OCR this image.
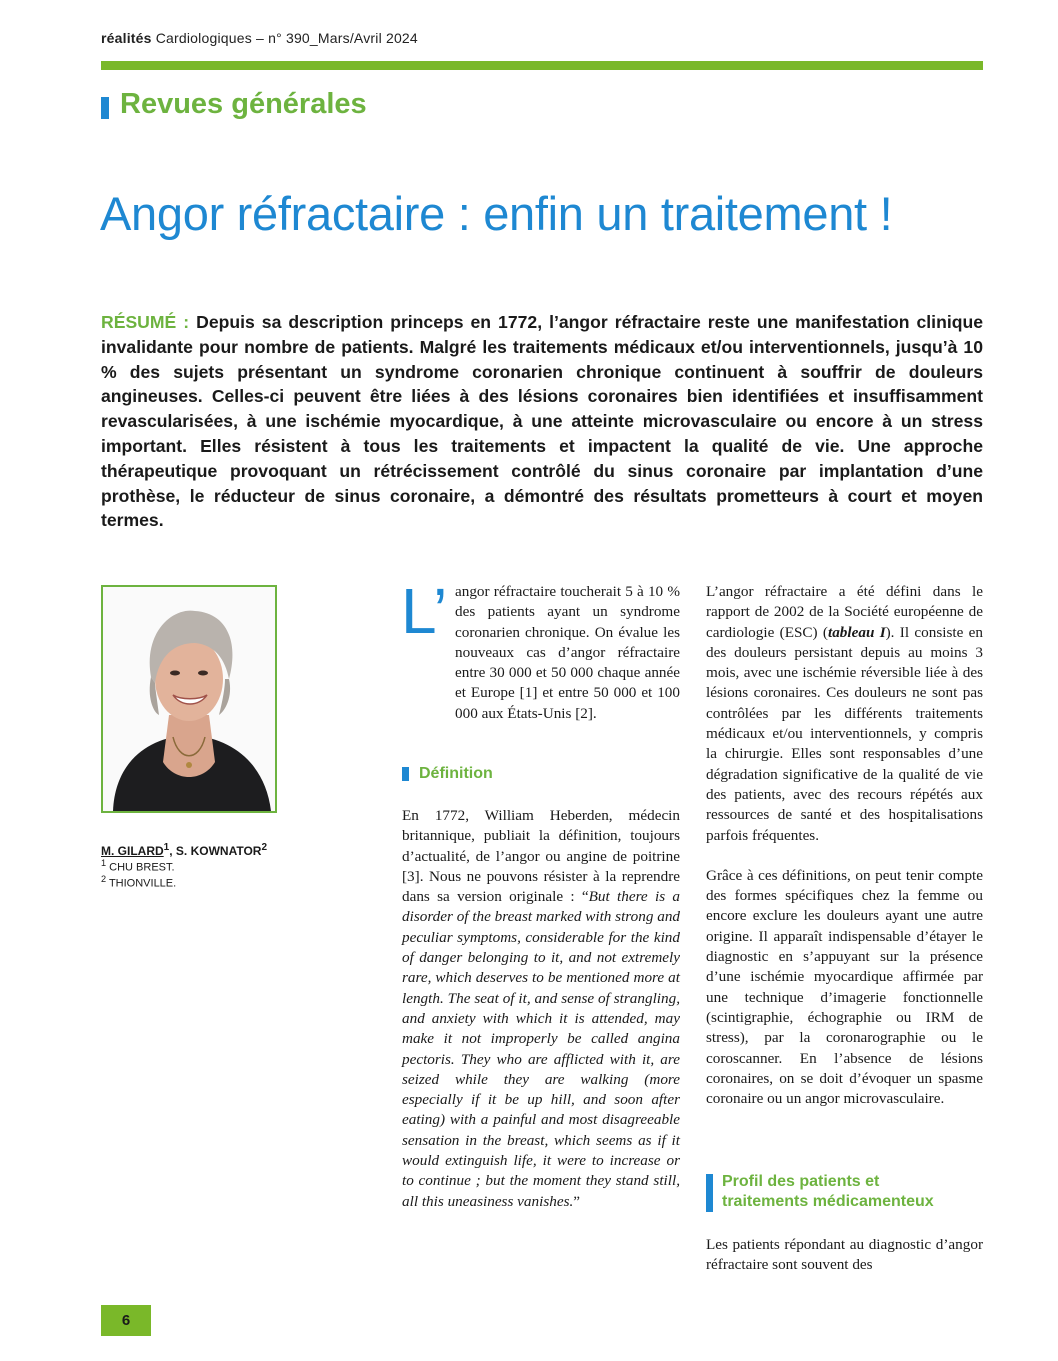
réalités Cardiologiques – n° 390_Mars/Avril 2024
Revues générales
Angor réfractaire : enfin un traitement !
RÉSUMÉ : Depuis sa description princeps en 1772, l’angor réfractaire reste une manifestation clinique invalidante pour nombre de patients. Malgré les traitements médicaux et/ou interventionnels, jusqu’à 10 % des sujets présentant un syndrome coronarien chronique continuent à souffrir de douleurs angineuses. Celles-ci peuvent être liées à des lésions coronaires bien identifiées et insuffisamment revascularisées, à une ischémie myocardique, à une atteinte microvasculaire ou encore à un stress important. Elles résistent à tous les traitements et impactent la qualité de vie. Une approche thérapeutique provoquant un rétrécissement contrôlé du sinus coronaire par implantation d’une prothèse, le réducteur de sinus coronaire, a démontré des résultats prometteurs à court et moyen termes.
M. GILARD$^1$, S. KOWNATOR$^2$
$^1$ CHU BREST.
$^2$ THIONVILLE.
L’ angor réfractaire toucherait 5 à 10 % des patients ayant un syndrome coronarien chronique. On évalue les nouveaux cas d’angor réfractaire entre 30 000 et 50 000 chaque année et Europe [1] et entre 50 000 et 100 000 aux États-Unis [2].

Définition

En 1772, William Heberden, médecin britannique, publiait la définition, toujours d’actualité, de l’angor ou angine de poitrine [3]. Nous ne pouvons résister à la reprendre dans sa version originale : “But there is a disorder of the breast marked with strong and peculiar symptoms, considerable for the kind of danger belonging to it, and not extremely rare, which deserves to be mentioned more at length. The seat of it, and sense of strangling, and anxiety with which it is attended, may make it not improperly be called angina pectoris. They who are afflicted with it, are seized while they are walking (more especially if it be up hill, and soon after eating) with a painful and most disagreeable sensation in the breast, which seems as if it would extinguish life, it were to increase or to continue ; but the moment they stand still, all this uneasiness vanishes.”

L’angor réfractaire a été défini dans le rapport de 2002 de la Société européenne de cardiologie (ESC) (tableau I). Il consiste en des douleurs persistant depuis au moins 3 mois, avec une ischémie réversible liée à des lésions coronaires. Ces douleurs ne sont pas contrôlées par les différents traitements médicaux et/ou interventionnels, y compris la chirurgie. Elles sont responsables d’une dégradation significative de la qualité de vie des patients, avec des recours répétés aux ressources de santé et des hospitalisations parfois fréquentes.

Grâce à ces définitions, on peut tenir compte des formes spécifiques chez la femme ou encore exclure les douleurs ayant une autre origine. Il apparaît indispensable d’étayer le diagnostic en s’appuyant sur la présence d’une ischémie myocardique affirmée par une technique d’imagerie fonctionnelle (scintigraphie, échographie ou IRM de stress), par la coronarographie ou le coroscanner. En l’absence de lésions coronaires, on se doit d’évoquer un spasme coronaire ou un angor microvasculaire.

Profil des patients et
traitements médicamenteux

Les patients répondant au diagnostic d’angor réfractaire sont souvent des

6
